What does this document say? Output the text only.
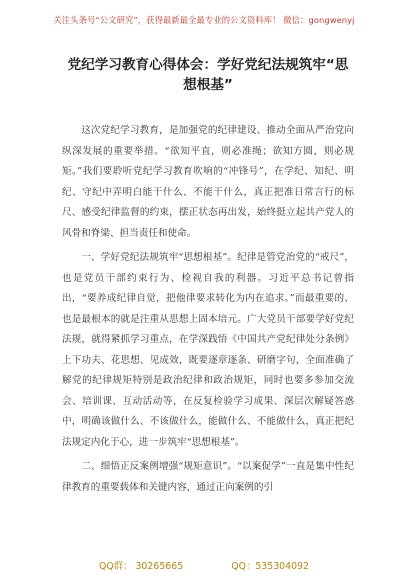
关注头条号“公文研究”，获得最新最全最专业的公文资料库！ 微信：gongwenyj
党纪学习教育心得体会：学好党纪法规筑牢“思想根基”

这次党纪学习教育，是加强党的纪律建设、推动全面从严治党向纵深发展的重要举措。“欲知平直，则必准绳；欲知方圆，则必规矩。”我们要聆听党纪学习教育吹响的“冲锋号”，在学纪、知纪、明纪、守纪中弄明白能干什么、不能干什么，真正把准日常言行的标尺、感受纪律监督的约束，摆正状态再出发，始终挺立起共产党人的风骨和脊梁、担当责任和使命。

一、学好党纪法规筑牢“思想根基”。纪律是管党治党的“戒尺”，也是党员干部约束行为、检视自我的利器。习近平总书记曾指出，“要养成纪律自觉，把他律要求转化为内在追求。”而最重要的、也是最根本的就是注重从思想上固本培元。广大党员干部要学好党纪法规，就得紧抓学习重点，在学深践悟《中国共产党纪律处分条例》上下功夫、花思想、见成效，既要逐章逐条、研磨字句，全面准确了解党的纪律规矩特别是政治纪律和政治规矩，同时也要多参加交流会、培训课、互动活动等，在反复检验学习成果、深层次解疑答惑中，明确该做什么、不该做什么，能做什么、不能做什么，真正把纪法规定内化于心，进一步筑牢“思想根基”。

二、细悟正反案例增强“规矩意识”。“以案促学”一直是集中性纪律教育的重要载体和关键内容，通过正向案例的引

QQ群： 30265665	QQ：535304092
